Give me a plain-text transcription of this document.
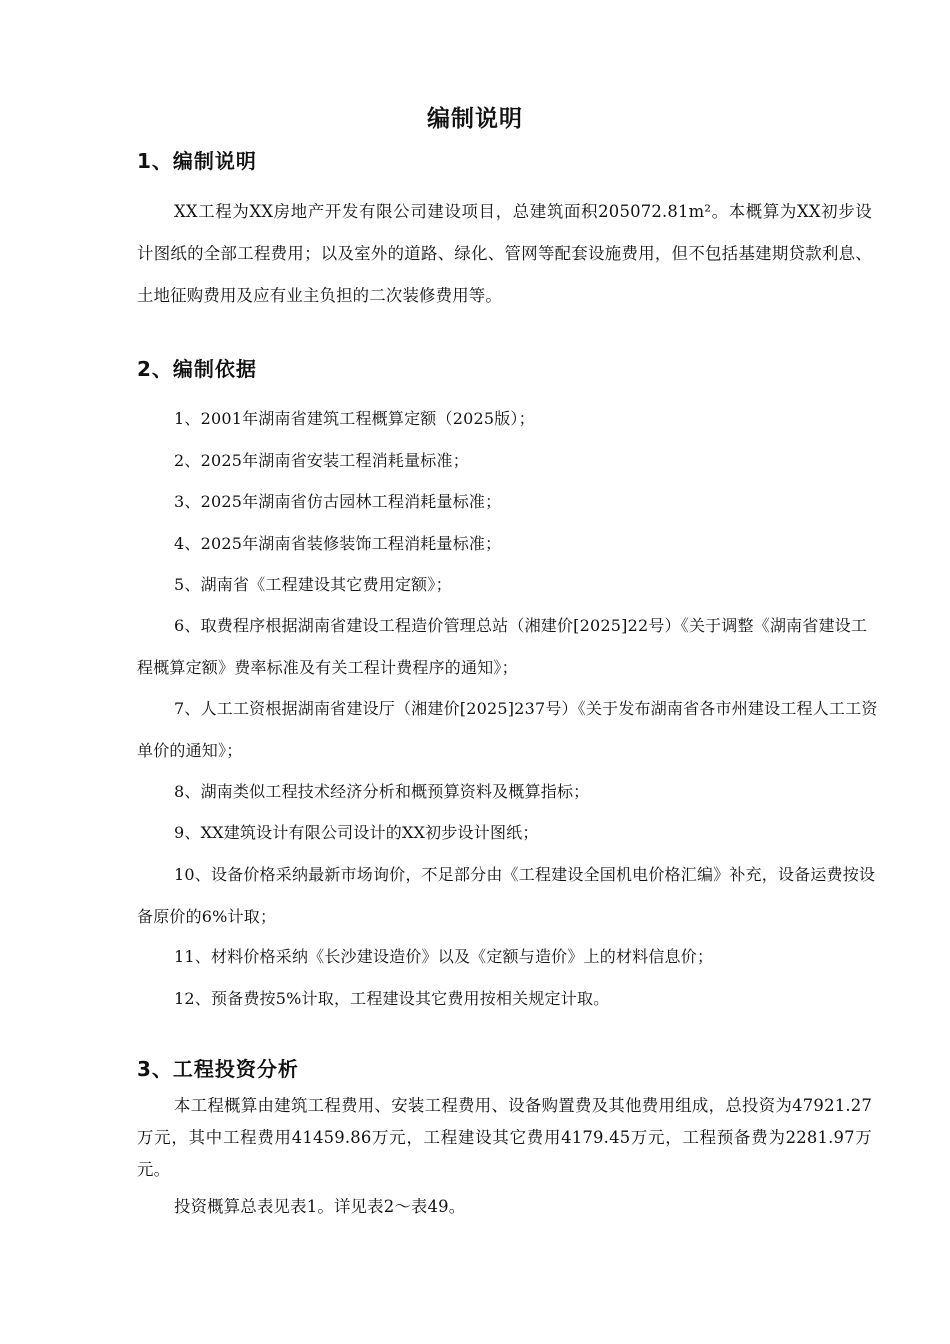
编制说明
1、编制说明

XX工程为XX房地产开发有限公司建设项目，总建筑面积205072.81m²。本概算为XX初步设计图纸的全部工程费用；以及室外的道路、绿化、管网等配套设施费用，但不包括基建期贷款利息、土地征购费用及应有业主负担的二次装修费用等。

2、编制依据

1、2001年湖南省建筑工程概算定额（2025版）；

2、2025年湖南省安装工程消耗量标准；

3、2025年湖南省仿古园林工程消耗量标准；

4、2025年湖南省装修装饰工程消耗量标准；

5、湖南省《工程建设其它费用定额》；

6、取费程序根据湖南省建设工程造价管理总站（湘建价[2025]22号）《关于调整《湖南省建设工程概算定额》费率标准及有关工程计费程序的通知》；

7、人工工资根据湖南省建设厅（湘建价[2025]237号）《关于发布湖南省各市州建设工程人工工资单价的通知》；

8、湖南类似工程技术经济分析和概预算资料及概算指标；

9、XX建筑设计有限公司设计的XX初步设计图纸；

10、设备价格采纳最新市场询价，不足部分由《工程建设全国机电价格汇编》补充，设备运费按设备原价的6%计取；

11、材料价格采纳《长沙建设造价》以及《定额与造价》上的材料信息价；

12、预备费按5%计取，工程建设其它费用按相关规定计取。

3、工程投资分析

本工程概算由建筑工程费用、安装工程费用、设备购置费及其他费用组成，总投资为47921.27万元，其中工程费用41459.86万元，工程建设其它费用4179.45万元，工程预备费为2281.97万元。

投资概算总表见表1。详见表2～表49。
